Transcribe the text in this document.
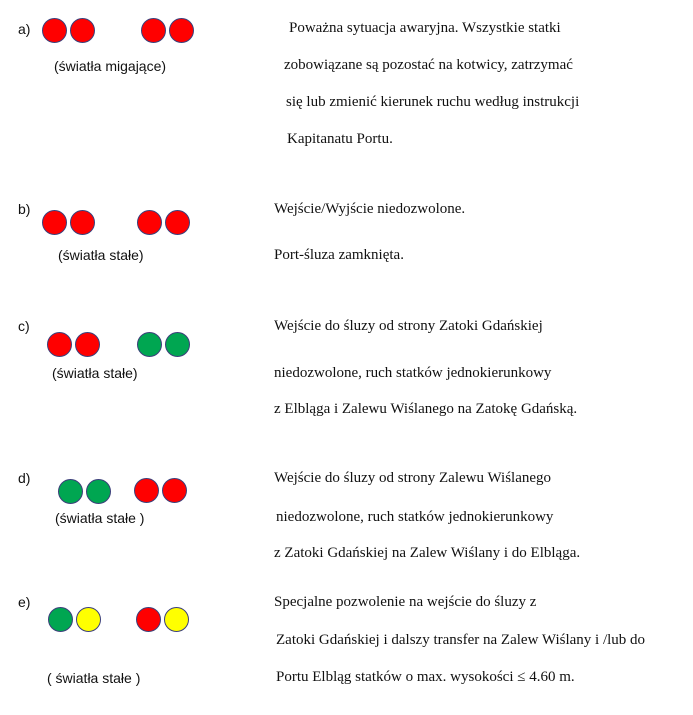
a)
(światła migające)
Poważna sytuacja awaryjna. Wszystkie statki
zobowiązane są pozostać na kotwicy, zatrzymać
się lub zmienić kierunek ruchu według instrukcji
Kapitanatu Portu.
b)
(światła stałe)
Wejście/Wyjście niedozwolone.
Port-śluza zamknięta.
c)
(światła stałe)
Wejście do śluzy od strony Zatoki Gdańskiej
niedozwolone, ruch statków jednokierunkowy
z Elbląga i Zalewu Wiślanego na Zatokę Gdańską.
d)
(światła stałe )
Wejście do śluzy od strony Zalewu Wiślanego
niedozwolone, ruch statków jednokierunkowy
z Zatoki Gdańskiej na Zalew Wiślany i do Elbląga.
e)
( światła stałe )
Specjalne pozwolenie na wejście do śluzy z
Zatoki Gdańskiej i dalszy transfer na Zalew Wiślany i /lub do
Portu Elbląg statków o max. wysokości ≤ 4.60 m.
